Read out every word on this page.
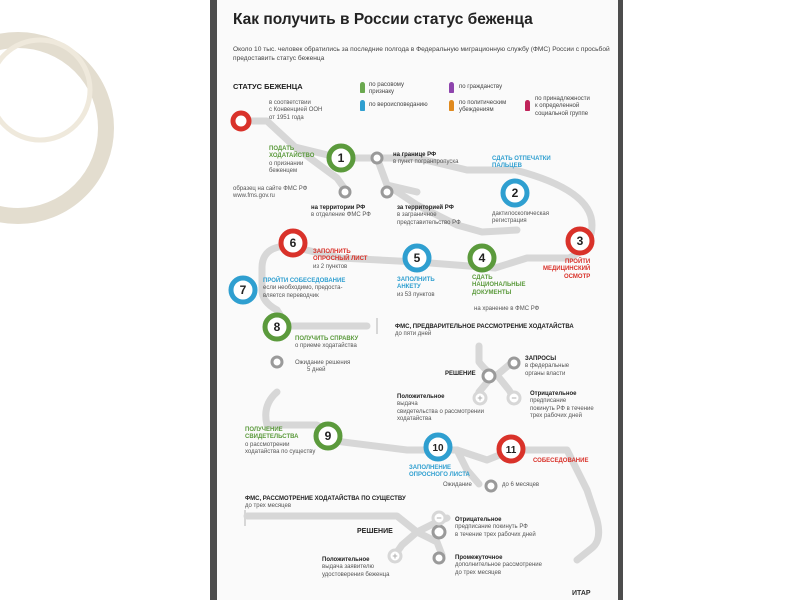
+	−
+
−
1
2
3
4
5
6
7
8
9
10	11
Как получить в России статус беженца
Около 10 тыс. человек обратились за последние полгода в Федеральную миграционную службу (ФМС) России с просьбой предоставить статус беженца
СТАТУС БЕЖЕНЦА
в соответствии
с Конвенцией ООН
от 1951 года
по расовому
признаку
по гражданству
по вероисповеданию	по политическим
убеждениям
по принадлежности
к определенной
социальной группе
ПОДАТЬ
ХОДАТАЙСТВО
о признании
беженцем
на границе РФ
в пункт погранпропуска
образец на сайте ФМС РФ
www.fms.gov.ru
на территории РФ
в отделение ФМС РФ
за территорией РФ
в заграничное
представительство РФ
СДАТЬ ОТПЕЧАТКИ
ПАЛЬЦЕВ
дактилоскопическая
регистрация
ПРОЙТИ
МЕДИЦИНСКИЙ
ОСМОТР
СДАТЬ
НАЦИОНАЛЬНЫЕ
ДОКУМЕНТЫ
на хранение в ФМС РФ
ЗАПОЛНИТЬ
АНКЕТУ
из 53 пунктов
ЗАПОЛНИТЬ
ОПРОСНЫЙ ЛИСТ
из 2 пунктов
ПРОЙТИ СОБЕСЕДОВАНИЕ
если необходимо, предоста-
вляется переводчик
ПОЛУЧИТЬ СПРАВКУ
о приеме ходатайства
Ожидание решения
5 дней
ФМС, ПРЕДВАРИТЕЛЬНОЕ РАССМОТРЕНИЕ ХОДАТАЙСТВА
до пяти дней
РЕШЕНИЕ
ЗАПРОСЫ
в федеральные
органы власти
Положительное
выдача
свидетельства о рассмотрении
ходатайства
Отрицательное
предписание
покинуть РФ в течение
трех рабочих дней
ПОЛУЧЕНИЕ
СВИДЕТЕЛЬСТВА
о рассмотрении
ходатайства по существу
ЗАПОЛНЕНИЕ
ОПРОСНОГО ЛИСТА
СОБЕСЕДОВАНИЕ
Ожидание	до 6 месяцев
ФМС, РАССМОТРЕНИЕ ХОДАТАЙСТВА ПО СУЩЕСТВУ
до трех месяцев
РЕШЕНИЕ
Отрицательное
предписание покинуть РФ
в течение трех рабочих дней
Положительное
выдача заявителю
удостоверения беженца
Промежуточное
дополнительное рассмотрение
до трех месяцев
ИТАР
